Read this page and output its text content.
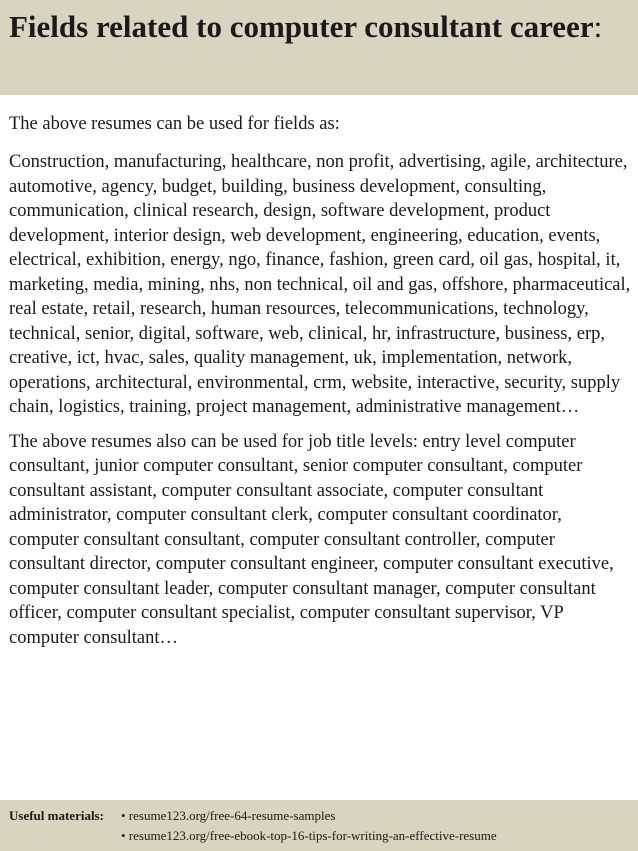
Fields related to computer consultant career:

The above resumes can be used for fields as:

Construction, manufacturing, healthcare, non profit, advertising, agile, architecture, automotive, agency, budget, building, business development, consulting, communication, clinical research, design, software development, product development, interior design, web development, engineering, education, events, electrical, exhibition, energy, ngo, finance, fashion, green card, oil gas, hospital, it, marketing, media, mining, nhs, non technical, oil and gas, offshore, pharmaceutical, real estate, retail, research, human resources, telecommunications, technology, technical, senior, digital, software, web, clinical, hr, infrastructure, business, erp, creative, ict, hvac, sales, quality management, uk, implementation, network, operations, architectural, environmental, crm, website, interactive, security, supply chain, logistics, training, project management, administrative management…

The above resumes also can be used for job title levels: entry level computer consultant, junior computer consultant, senior computer consultant, computer consultant assistant, computer consultant associate, computer consultant administrator, computer consultant clerk, computer consultant coordinator, computer consultant consultant, computer consultant controller, computer consultant director, computer consultant engineer, computer consultant executive, computer consultant leader, computer consultant manager, computer consultant officer, computer consultant specialist, computer consultant supervisor, VP computer consultant…

Useful materials:	• resume123.org/free-64-resume-samples
• resume123.org/free-ebook-top-16-tips-for-writing-an-effective-resume
